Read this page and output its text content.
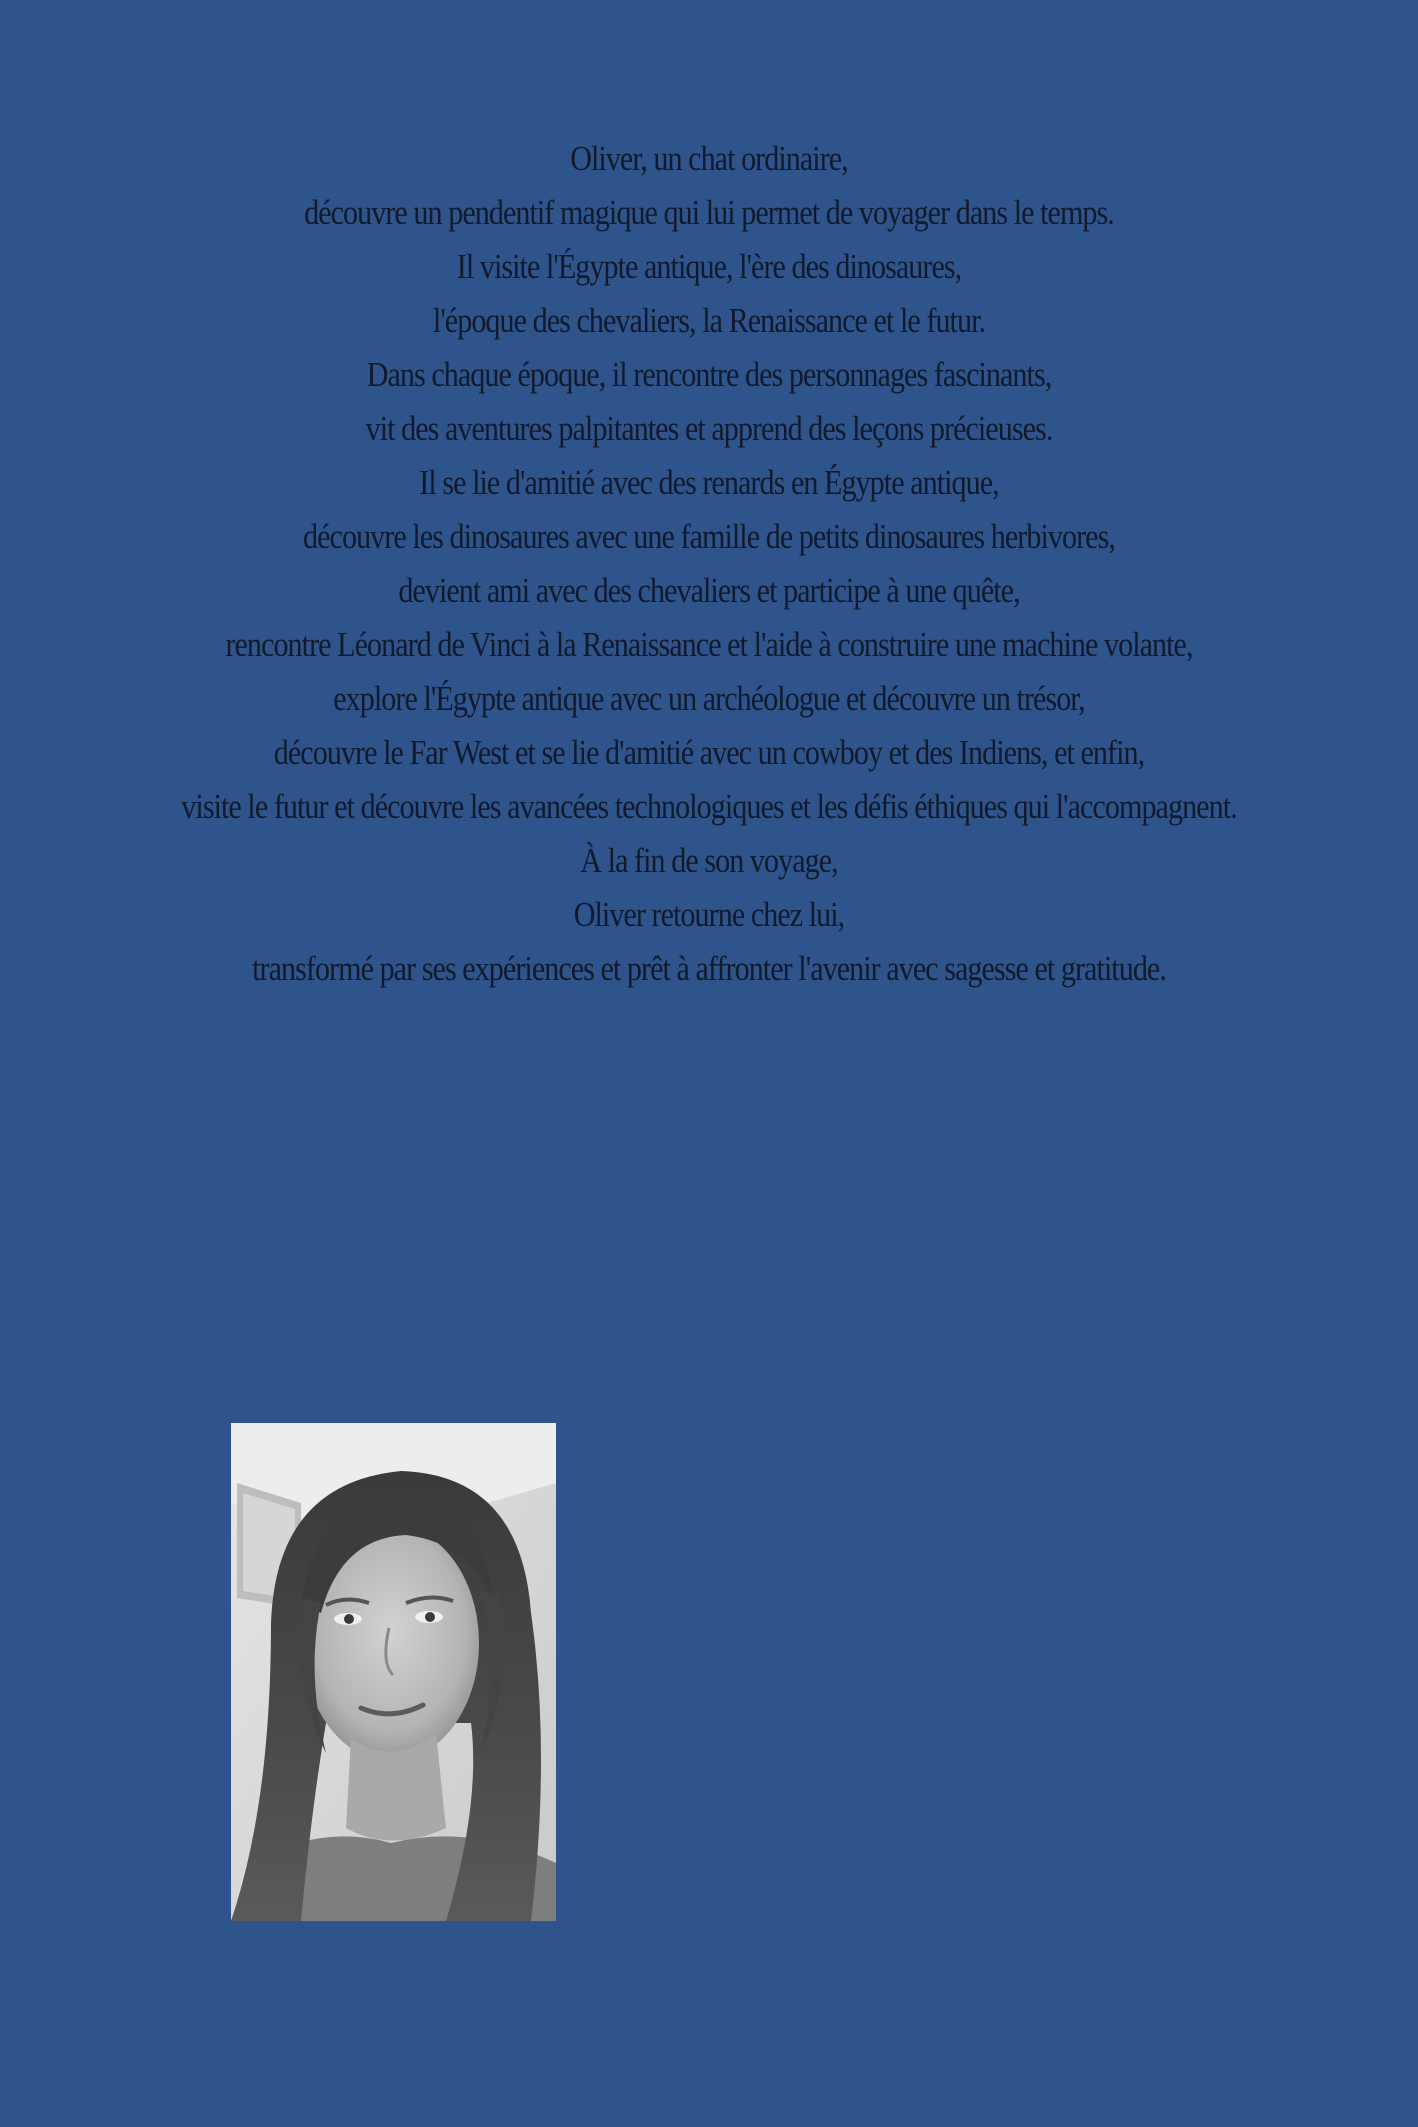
Oliver, un chat ordinaire,
découvre un pendentif magique qui lui permet de voyager dans le temps.
Il visite l'Égypte antique, l'ère des dinosaures,
l'époque des chevaliers, la Renaissance et le futur.
Dans chaque époque, il rencontre des personnages fascinants,
vit des aventures palpitantes et apprend des leçons précieuses.
Il se lie d'amitié avec des renards en Égypte antique,
découvre les dinosaures avec une famille de petits dinosaures herbivores,
devient ami avec des chevaliers et participe à une quête,
rencontre Léonard de Vinci à la Renaissance et l'aide à construire une machine volante,
explore l'Égypte antique avec un archéologue et découvre un trésor,
découvre le Far West et se lie d'amitié avec un cowboy et des Indiens, et enfin,
visite le futur et découvre les avancées technologiques et les défis éthiques qui l'accompagnent.
À la fin de son voyage,
Oliver retourne chez lui,
transformé par ses expériences et prêt à affronter l'avenir avec sagesse et gratitude.
